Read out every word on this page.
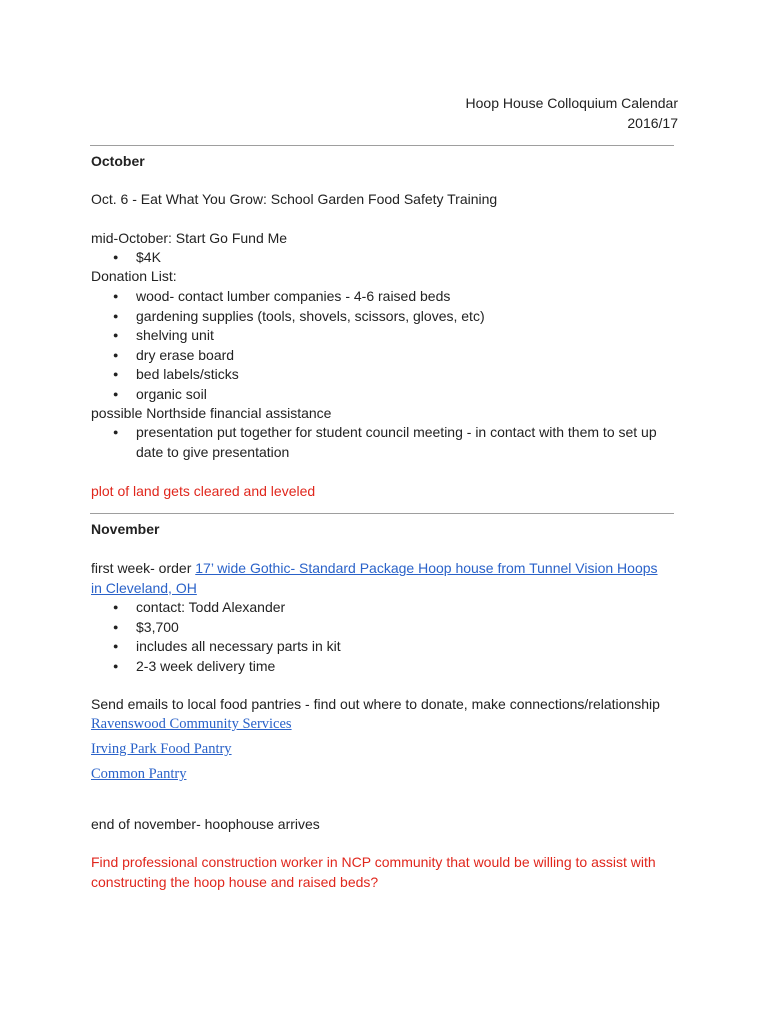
Hoop House Colloquium Calendar
2016/17
October
Oct. 6 - Eat What You Grow: School Garden Food Safety Training
mid-October: Start Go Fund Me
● $4K
Donation List:
● wood- contact lumber companies - 4-6 raised beds
● gardening supplies (tools, shovels, scissors, gloves, etc)
● shelving unit
● dry erase board
● bed labels/sticks
● organic soil
possible Northside financial assistance
● presentation put together for student council meeting - in contact with them to set up date to give presentation
plot of land gets cleared and leveled
November
first week- order 17’ wide Gothic- Standard Package Hoop house from Tunnel Vision Hoops in Cleveland, OH
● contact: Todd Alexander
● $3,700
● includes all necessary parts in kit
● 2-3 week delivery time
Send emails to local food pantries - find out where to donate, make connections/relationship
Ravenswood Community Services
Irving Park Food Pantry
Common Pantry
end of november- hoophouse arrives
Find professional construction worker in NCP community that would be willing to assist with constructing the hoop house and raised beds?
